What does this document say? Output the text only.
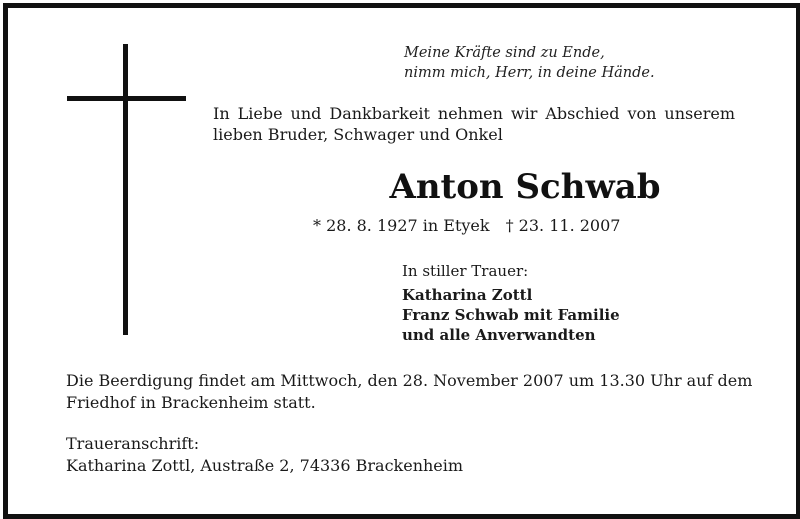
Meine Kräfte sind zu Ende,
nimm mich, Herr, in deine Hände.
In Liebe und Dankbarkeit nehmen wir Abschied von unserem lieben Bruder, Schwager und Onkel
Anton Schwab
* 28. 8. 1927 in Etyek † 23. 11. 2007
In stiller Trauer:
Katharina Zottl
Franz Schwab mit Familie
und alle Anverwandten
Die Beerdigung findet am Mittwoch, den 28. November 2007 um 13.30 Uhr auf dem Friedhof in Brackenheim statt.
Traueranschrift:
Katharina Zottl, Austraße 2, 74336 Brackenheim
